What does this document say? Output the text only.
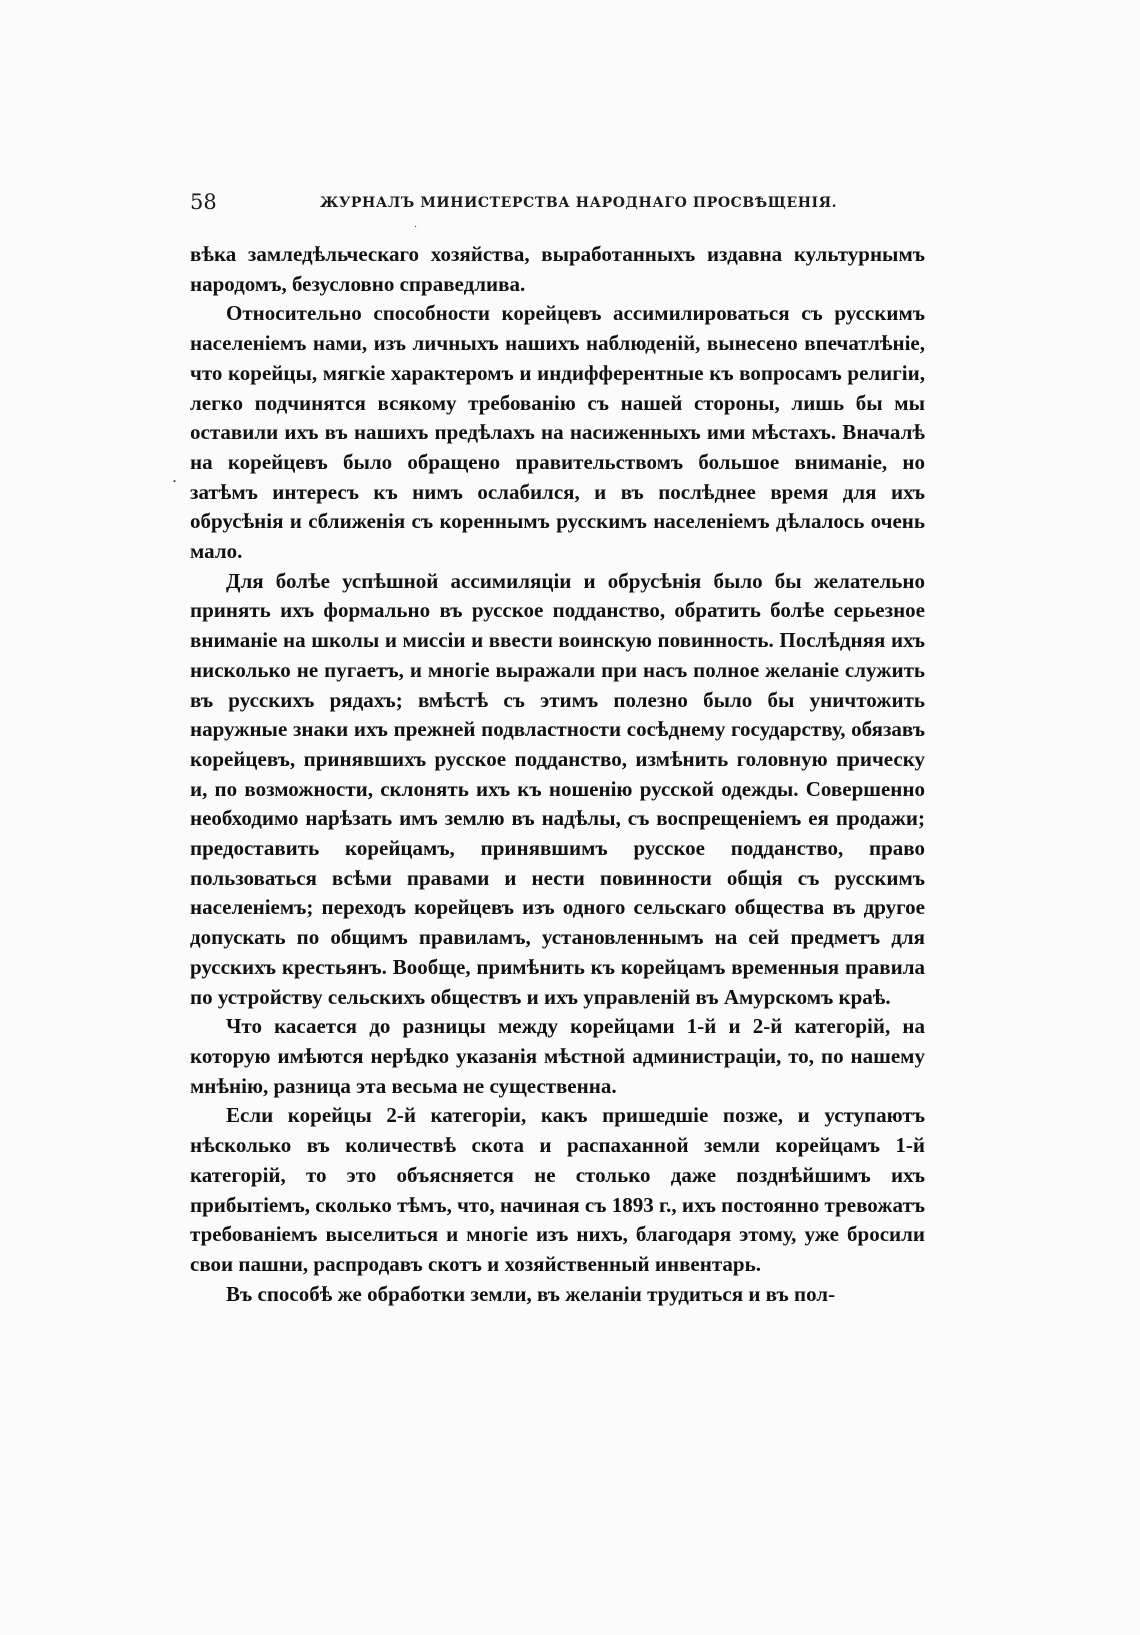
58	ЖУРНАЛЪ МИНИСТЕРСТВА НАРОДНАГО ПРОСВѢЩЕНІЯ.
·
˙

вѣка замледѣльческаго хозяйства, выработанныхъ издавна культурнымъ народомъ, безусловно справедлива.

Относительно способности корейцевъ ассимилироваться съ русскимъ населеніемъ нами, изъ личныхъ нашихъ наблюденій, вынесено впечатлѣніе, что корейцы, мягкіе характеромъ и индифферентные къ вопросамъ религіи, легко подчинятся всякому требованію съ нашей стороны, лишь бы мы оставили ихъ въ нашихъ предѣлахъ на насиженныхъ ими мѣстахъ. Вначалѣ на корейцевъ было обращено правительствомъ большое вниманіе, но затѣмъ интересъ къ нимъ ослабился, и въ послѣднее время для ихъ обрусѣнія и сближенія съ кореннымъ русскимъ населеніемъ дѣлалось очень мало.

Для болѣе успѣшной ассимиляціи и обрусѣнія было бы желательно принять ихъ формально въ русское подданство, обратить болѣе серьезное вниманіе на школы и миссіи и ввести воинскую повинность. Послѣдняя ихъ нисколько не пугаетъ, и многіе выражали при насъ полное желаніе служить въ русскихъ рядахъ; вмѣстѣ съ этимъ полезно было бы уничтожить наружные знаки ихъ прежней подвластности сосѣднему государству, обязавъ корейцевъ, принявшихъ русское подданство, измѣнить головную прическу и, по возможности, склонять ихъ къ ношенію русской одежды. Совершенно необходимо нарѣзать имъ землю въ надѣлы, съ воспрещеніемъ ея продажи; предоставить корейцамъ, принявшимъ русское подданство, право пользоваться всѣми правами и нести повинности общія съ русскимъ населеніемъ; переходъ корейцевъ изъ одного сельскаго общества въ другое допускать по общимъ правиламъ, установленнымъ на сей предметъ для русскихъ крестьянъ. Вообще, примѣнить къ корейцамъ временныя правила по устройству сельскихъ обществъ и ихъ управленій въ Амурскомъ краѣ.

Что касается до разницы между корейцами 1-й и 2-й категорій, на которую имѣются нерѣдко указанія мѣстной администраціи, то, по нашему мнѣнію, разница эта весьма не существенна.

Если корейцы 2-й категоріи, какъ пришедшіе позже, и уступаютъ нѣсколько въ количествѣ скота и распаханной земли корейцамъ 1-й категорій, то это объясняется не столько даже позднѣйшимъ ихъ прибытіемъ, сколько тѣмъ, что, начиная съ 1893 г., ихъ постоянно тревожатъ требованіемъ выселиться и многіе изъ нихъ, благодаря этому, уже бросили свои пашни, распродавъ скотъ и хозяйственный инвентарь.

Въ способѣ же обработки земли, въ желаніи трудиться и въ пол-
